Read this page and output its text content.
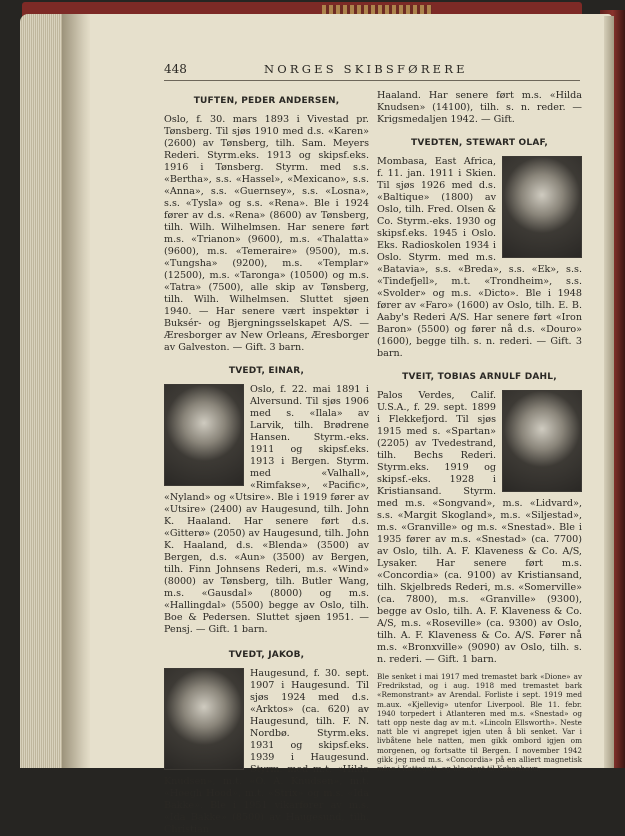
448	NORGES SKIBSFØRERE
TUFTEN, PEDER ANDERSEN,

Oslo, f. 30. mars 1893 i Vivestad pr. Tønsberg. Til sjøs 1910 med d.s. «Karen» (2600) av Tønsberg, tilh. Sam. Meyers Rederi. Styrm.eks. 1913 og skipsf.eks. 1916 i Tønsberg. Styrm. med s.s. «Bertha», s.s. «Hassel», «Mexicano», s.s. «Anna», s.s. «Guernsey», s.s. «Losna», s.s. «Tysla» og s.s. «Rena». Ble i 1924 fører av d.s. «Rena» (8600) av Tønsberg, tilh. Wilh. Wilhelmsen. Har senere ført m.s. «Trianon» (9600), m.s. «Thalatta» (9600), m.s. «Temeraire» (9500), m.s. «Tungsha» (9200), m.s. «Templar» (12500), m.s. «Taronga» (10500) og m.s. «Tatra» (7500), alle skip av Tønsberg, tilh. Wilh. Wilhelmsen. Sluttet sjøen 1940. — Har senere vært inspektør i Buksér- og Bjergningsselskapet A/S. — Æresborger av New Orleans, Æresborger av Galveston. — Gift. 3 barn.

TVEDT, EINAR,

Oslo, f. 22. mai 1891 i Alversund. Til sjøs 1906 med s. «Ilala» av Larvik, tilh. Brødrene Hansen. Styrm.-eks. 1911 og skipsf.eks. 1913 i Bergen. Styrm. med «Valhall», «Rimfakse», «Pacific», «Nyland» og «Utsire». Ble i 1919 fører av «Utsire» (2400) av Haugesund, tilh. John K. Haaland. Har senere ført d.s. «Gitterø» (2050) av Haugesund, tilh. John K. Haaland, d.s. «Blenda» (3500) av Bergen, d.s. «Aun» (3500) av Bergen, tilh. Finn Johnsens Rederi, m.s. «Wind» (8000) av Tønsberg, tilh. Butler Wang, m.s. «Gausdal» (8000) og m.s. «Hallingdal» (5500) begge av Oslo, tilh. Boe & Pedersen. Sluttet sjøen 1951. — Pensj. — Gift. 1 barn.

TVEDT, JAKOB,

Haugesund, f. 30. sept. 1907 i Haugesund. Til sjøs 1924 med d.s. «Arktos» (ca. 620) av Haugesund, tilh. F. N. Nordbø. Styrm.eks. 1931 og skipsf.eks. 1939 i Haugesund. Styrm. med m.t. «Hilda Knudsen», m.t. «O. A. Knudsen», m.t. «Høegh Hood», m.t. «Strix» og m.s. «Ida Bakke». Ble i 1951 vikarfører av m.s. «Ida Bakke» (8500) av Haugesund, tilh. Christian

Haaland. Har senere ført m.s. «Hilda Knudsen» (14100), tilh. s. n. reder. — Krigsmedaljen 1942. — Gift.

TVEDTEN, STEWART OLAF,

Mombasa, East Africa, f. 11. jan. 1911 i Skien. Til sjøs 1926 med d.s. «Baltique» (1800) av Oslo, tilh. Fred. Olsen & Co. Styrm.-eks. 1930 og skipsf.eks. 1945 i Oslo. Eks. Radioskolen 1934 i Oslo. Styrm. med m.s. «Batavia», s.s. «Breda», s.s. «Ek», s.s. «Tindefjell», m.t. «Trondheim», s.s. «Svolder» og m.s. «Dicto». Ble i 1948 fører av «Faro» (1600) av Oslo, tilh. E. B. Aaby's Rederi A/S. Har senere ført «Iron Baron» (5500) og fører nå d.s. «Douro» (1600), begge tilh. s. n. rederi. — Gift. 3 barn.

TVEIT, TOBIAS ARNULF DAHL,

Palos Verdes, Calif. U.S.A., f. 29. sept. 1899 i Flekkefjord. Til sjøs 1915 med s. «Spartan» (2205) av Tvedestrand, tilh. Bechs Rederi. Styrm.eks. 1919 og skipsf.-eks. 1928 i Kristiansand. Styrm. med m.s. «Songvand», m.s. «Lidvard», s.s. «Margit Skogland», m.s. «Siljestad», m.s. «Granville» og m.s. «Snestad». Ble i 1935 fører av m.s. «Snestad» (ca. 7700) av Oslo, tilh. A. F. Klaveness & Co. A/S, Lysaker. Har senere ført m.s. «Concordia» (ca. 9100) av Kristiansand, tilh. Skjelbreds Rederi, m.s. «Somerville» (ca. 7800), m.s. «Granville» (9300), begge av Oslo, tilh. A. F. Klaveness & Co. A/S, m.s. «Roseville» (ca. 9300) av Oslo, tilh. A. F. Klaveness & Co. A/S. Fører nå m.s. «Bronxville» (9090) av Oslo, tilh. s. n. rederi. — Gift. 1 barn.

Ble senket i mai 1917 med tremastet bark «Dione» av Fredrikstad, og i aug. 1918 med tremastet bark «Remonstrant» av Arendal. Forliste i sept. 1919 med m.aux. «Kjellevig» utenfor Liverpool. Ble 11. febr. 1940 torpedert i Atlanteren med m.s. «Snestad» og tatt opp neste dag av m.t. «Lincoln Ellsworth». Neste natt ble vi angrepet igjen uten å bli senket. Var i livbåtene hele natten, men gikk ombord igjen om morgenen, og fortsatte til Bergen. I november 1942 gikk jeg med m.s. «Concordia» på en alliert magnetisk mine i Kattegatt, og ble slept til København.
